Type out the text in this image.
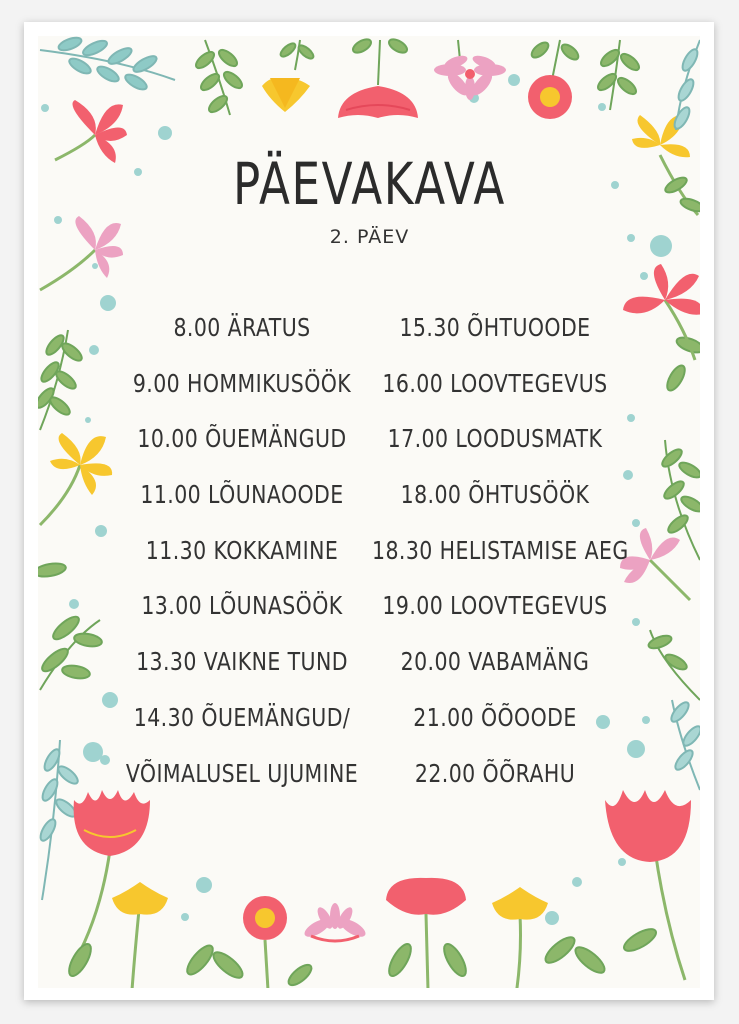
PÄEVAKAVA
2. PÄEV
8.00 ÄRATUS
9.00 HOMMIKUSÖÖK
10.00 ÕUEMÄNGUD
11.00 LÕUNAOODE
11.30 KOKKAMINE
13.00 LÕUNASÖÖK
13.30 VAIKNE TUND
14.30 ÕUEMÄNGUD/
VÕIMALUSEL UJUMINE
15.30 ÕHTUOODE
16.00 LOOVTEGEVUS
17.00 LOODUSMATK
18.00 ÕHTUSÖÖK
18.30 HELISTAMISE AEG
19.00 LOOVTEGEVUS
20.00 VABAMÄNG
21.00 ÕÕOODE
22.00 ÕÕRAHU
